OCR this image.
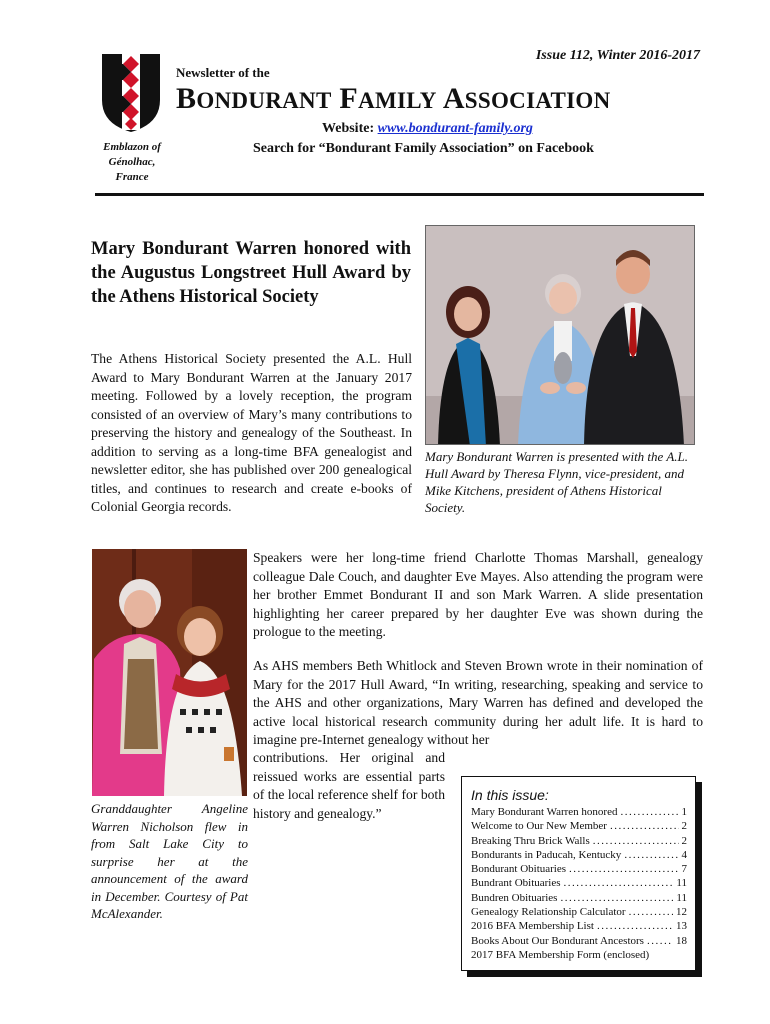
Emblazon of
Génolhac,
France
Issue 112, Winter 2016-2017
Newsletter of the
BONDURANT FAMILY ASSOCIATION
Website: www.bondurant-family.org
Search for “Bondurant Family Association” on Facebook
Mary Bondurant Warren honored with the Augustus Longstreet Hull Award by the Athens Historical Society

The Athens Historical Society presented the A.L. Hull Award to Mary Bondurant Warren at the January 2017 meeting. Followed by a lovely reception, the program consisted of an overview of Mary’s many contributions to preserving the history and genealogy of the Southeast. In addition to serving as a long-time BFA genealogist and newsletter editor, she has published over 200 genealogical titles, and continues to research and create e-books of Colonial Georgia records.

Mary Bondurant Warren is presented with the A.L. Hull Award by Theresa Flynn, vice-president, and Mike Kitchens, president of Athens Historical Society.
Granddaughter Angeline Warren Nicholson flew in from Salt Lake City to surprise her at the announcement of the award in December. Courtesy of Pat McAlexander.

Speakers were her long-time friend Charlotte Thomas Marshall, genealogy colleague Dale Couch, and daughter Eve Mayes. Also attending the program were her brother Emmet Bondurant II and son Mark Warren. A slide presentation highlighting her career prepared by her daughter Eve was shown during the prologue to the meeting.

As AHS members Beth Whitlock and Steven Brown wrote in their nomination of Mary for the 2017 Hull Award, “In writing, researching, speaking and service to the AHS and other organizations, Mary Warren has defined and developed the active local historical research community during her adult life. It is hard to imagine pre-Internet genealogy without her

contributions. Her original and reissued works are essential parts of the local reference shelf for both history and genealogy.”

In this issue:
Mary Bondurant Warren honored .....	1
Welcome to Our New Member .....	2
Breaking Thru Brick Walls .....	2
Bondurants in Paducah, Kentucky .....	4
Bondurant Obituaries .....	7
Bundrant Obituaries .....	11
Bundren Obituaries .....	11
Genealogy Relationship Calculator .....	12
2016 BFA Membership List .....	13
Books About Our Bondurant Ancestors .....	18
2017 BFA Membership Form (enclosed)
